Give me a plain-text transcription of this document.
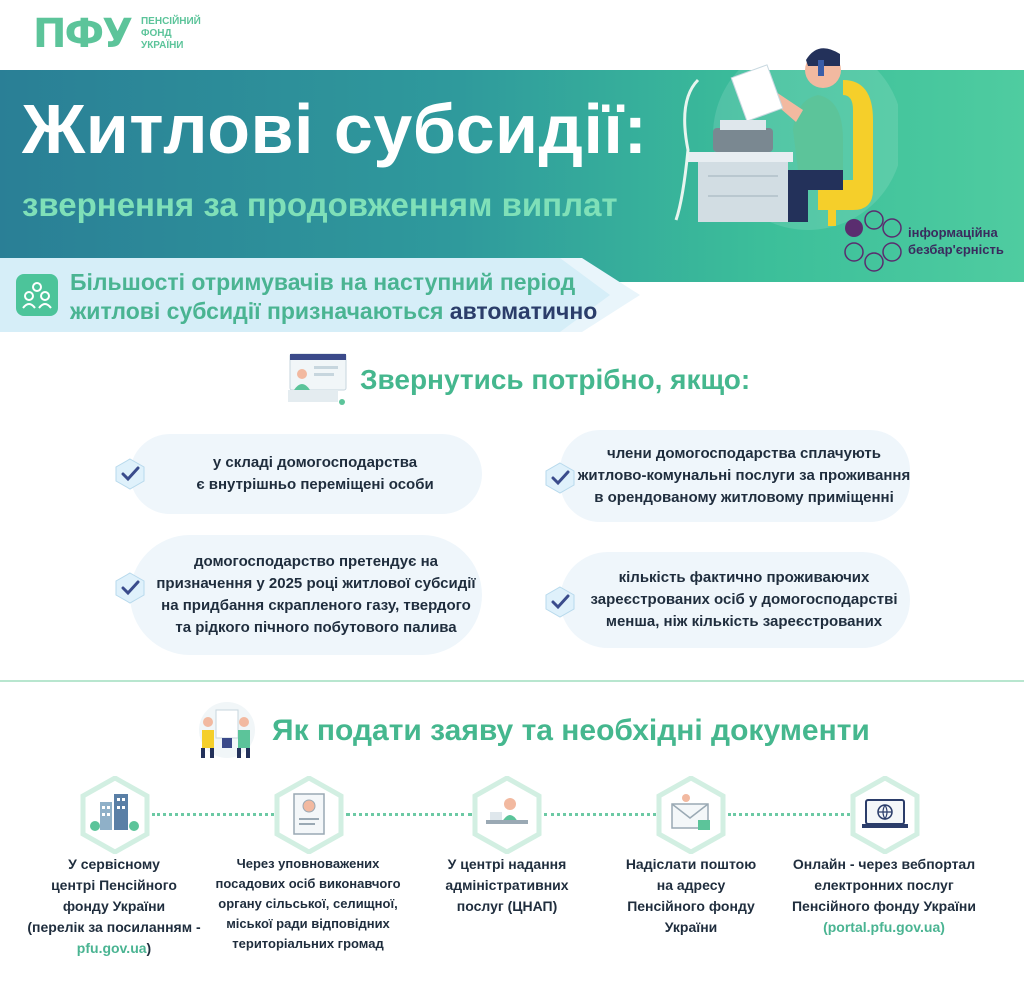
ПФУ ПЕНСІЙНИЙ
ФОНД
УКРАЇНИ
Житлові субсидії:
звернення за продовженням виплат
інформаційна
безбар'єрність
Більшості отримувачів на наступний період
житлові субсидії призначаються автоматично
Звернутись потрібно, якщо:
у складі домогосподарства
є внутрішньо переміщені особи
члени домогосподарства сплачують
житлово-комунальні послуги за проживання
в орендованому житловому приміщенні
домогосподарство претендує на
призначення у 2025 році житлової субсидії
на придбання скрапленого газу, твердого
та рідкого пічного побутового палива
кількість фактично проживаючих
зареєстрованих осіб у домогосподарстві
менша, ніж кількість зареєстрованих
Як подати заяву та необхідні документи
У сервісному
центрі Пенсійного
фонду України
(перелік за посиланням -
pfu.gov.ua)
Через уповноважених
посадових осіб виконавчого
органу сільської, селищної,
міської ради відповідних
територіальних громад
У центрі надання
адміністративних
послуг (ЦНАП)
Надіслати поштою
на адресу
Пенсійного фонду
України
Онлайн - через вебпортал
електронних послуг
Пенсійного фонду України
(portal.pfu.gov.ua)
